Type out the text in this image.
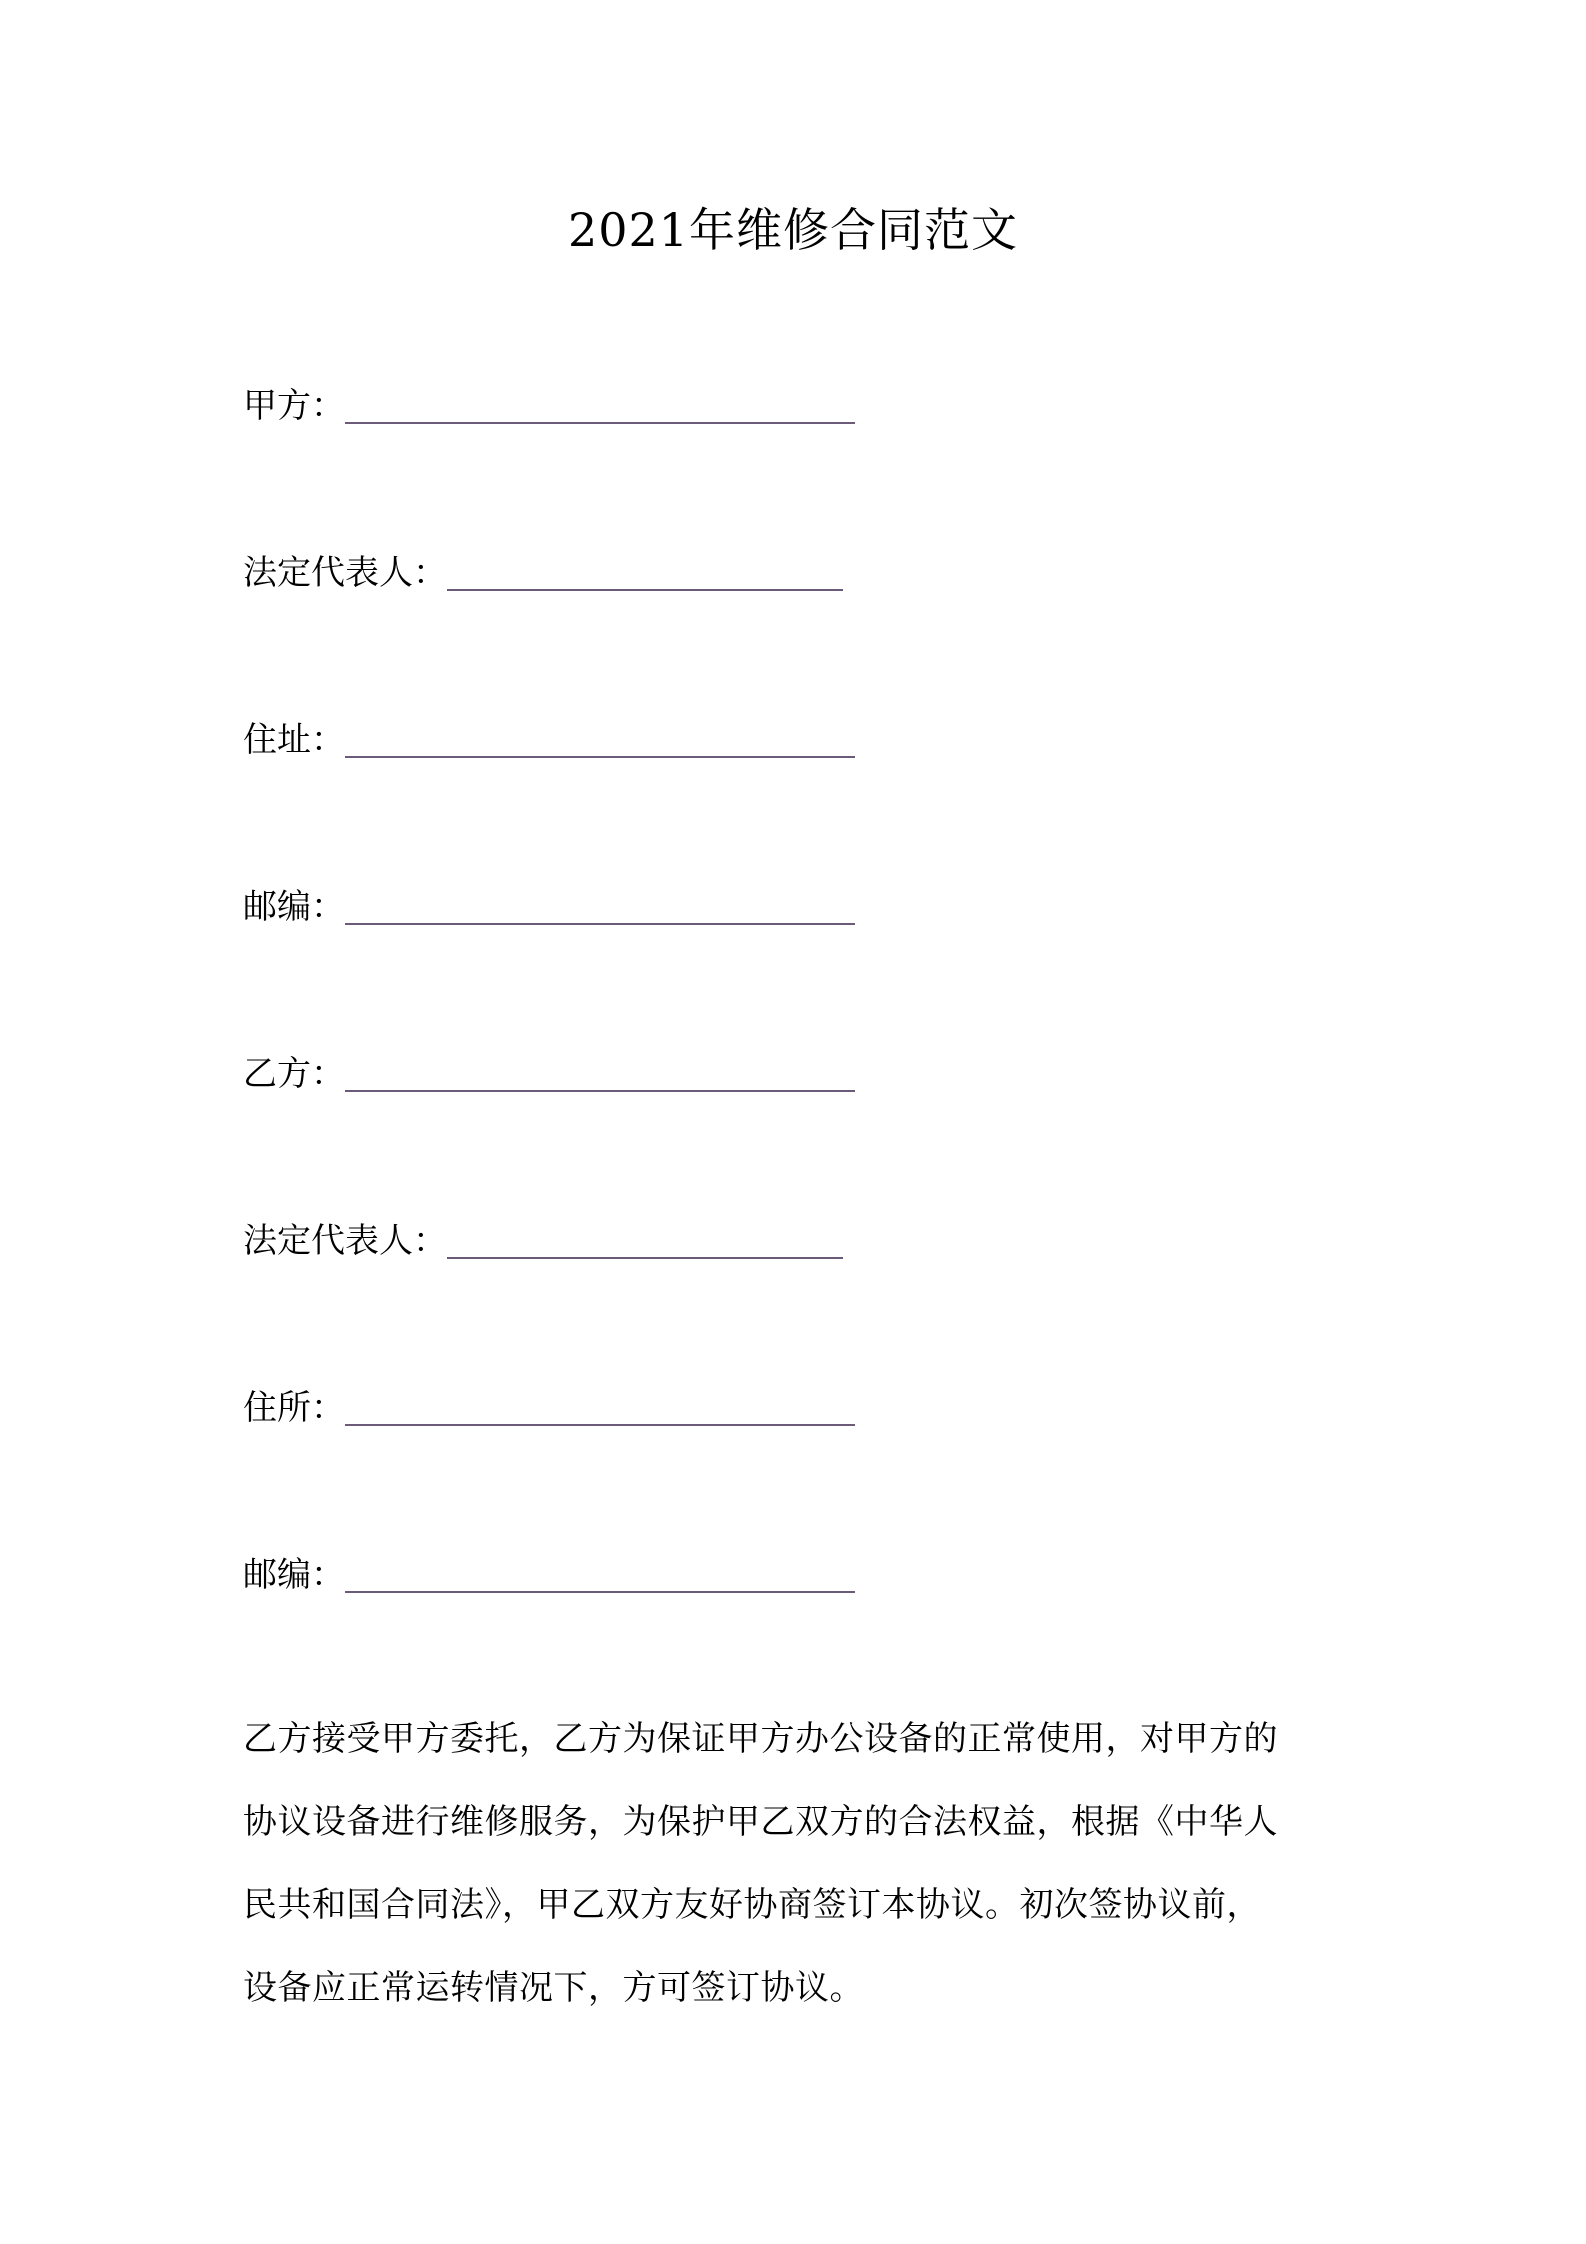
2021年维修合同范文
甲方：
法定代表人：
住址：
邮编：
乙方：
法定代表人：
住所：
邮编：
乙方接受甲方委托，乙方为保证甲方办公设备的正常使用，对甲方的
协议设备进行维修服务，为保护甲乙双方的合法权益，根据《中华人
民共和国合同法》，甲乙双方友好协商签订本协议。初次签协议前，
设备应正常运转情况下，方可签订协议。
